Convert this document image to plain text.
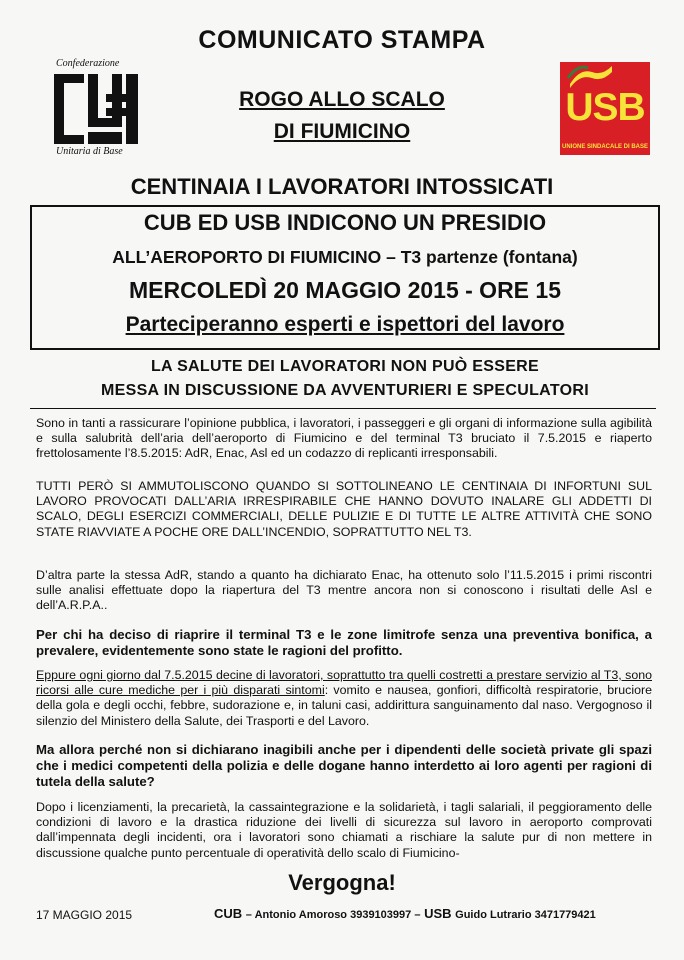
COMUNICATO STAMPA
Confederazione
Unitaria di Base
ROGO ALLO SCALO
DI FIUMICINO
USB
UNIONE SINDACALE DI BASE
CENTINAIA I LAVORATORI INTOSSICATI
CUB ED USB INDICONO UN PRESIDIO
ALL’AEROPORTO DI FIUMICINO – T3 partenze (fontana)
MERCOLEDÌ 20 MAGGIO 2015 - ORE 15
Parteciperanno esperti e ispettori del lavoro
LA SALUTE DEI LAVORATORI NON PUÒ ESSERE
MESSA IN DISCUSSIONE DA AVVENTURIERI E SPECULATORI
Sono in tanti a rassicurare l’opinione pubblica, i lavoratori, i passeggeri e gli organi di informazione sulla agibilità e sulla salubrità dell’aria dell’aeroporto di Fiumicino e del terminal T3 bruciato il 7.5.2015 e riaperto frettolosamente l’8.5.2015: AdR, Enac, Asl ed un codazzo di replicanti irresponsabili.
TUTTI PERÒ SI AMMUTOLISCONO QUANDO SI SOTTOLINEANO LE CENTINAIA DI INFORTUNI SUL LAVORO PROVOCATI DALL’ARIA IRRESPIRABILE CHE HANNO DOVUTO INALARE GLI ADDETTI DI SCALO, DEGLI ESERCIZI COMMERCIALI, DELLE PULIZIE E DI TUTTE LE ALTRE ATTIVITÀ CHE SONO STATE RIAVVIATE A POCHE ORE DALL’INCENDIO, SOPRATTUTTO NEL T3.
D’altra parte la stessa AdR, stando a quanto ha dichiarato Enac, ha ottenuto solo l’11.5.2015 i primi riscontri sulle analisi effettuate dopo la riapertura del T3 mentre ancora non si conoscono i risultati delle Asl e dell’A.R.P.A..
Per chi ha deciso di riaprire il terminal T3 e le zone limitrofe senza una preventiva bonifica, a prevalere, evidentemente sono state le ragioni del profitto.
Eppure ogni giorno dal 7.5.2015 decine di lavoratori, soprattutto tra quelli costretti a prestare servizio al T3, sono ricorsi alle cure mediche per i più disparati sintomi: vomito e nausea, gonfiori, difficoltà respiratorie, bruciore della gola e degli occhi, febbre, sudorazione e, in taluni casi, addirittura sanguinamento dal naso. Vergognoso il silenzio del Ministero della Salute, dei Trasporti e del Lavoro.
Ma allora perché non si dichiarano inagibili anche per i dipendenti delle società private gli spazi che i medici competenti della polizia e delle dogane hanno interdetto ai loro agenti per ragioni di tutela della salute?
Dopo i licenziamenti, la precarietà, la cassaintegrazione e la solidarietà, i tagli salariali, il peggioramento delle condizioni di lavoro e la drastica riduzione dei livelli di sicurezza sul lavoro in aeroporto comprovati dall’impennata degli incidenti, ora i lavoratori sono chiamati a rischiare la salute pur di non mettere in discussione qualche punto percentuale di operatività dello scalo di Fiumicino-
Vergogna!
17 MAGGIO 2015	CUB – Antonio Amoroso 3939103997 – USB Guido Lutrario 3471779421
